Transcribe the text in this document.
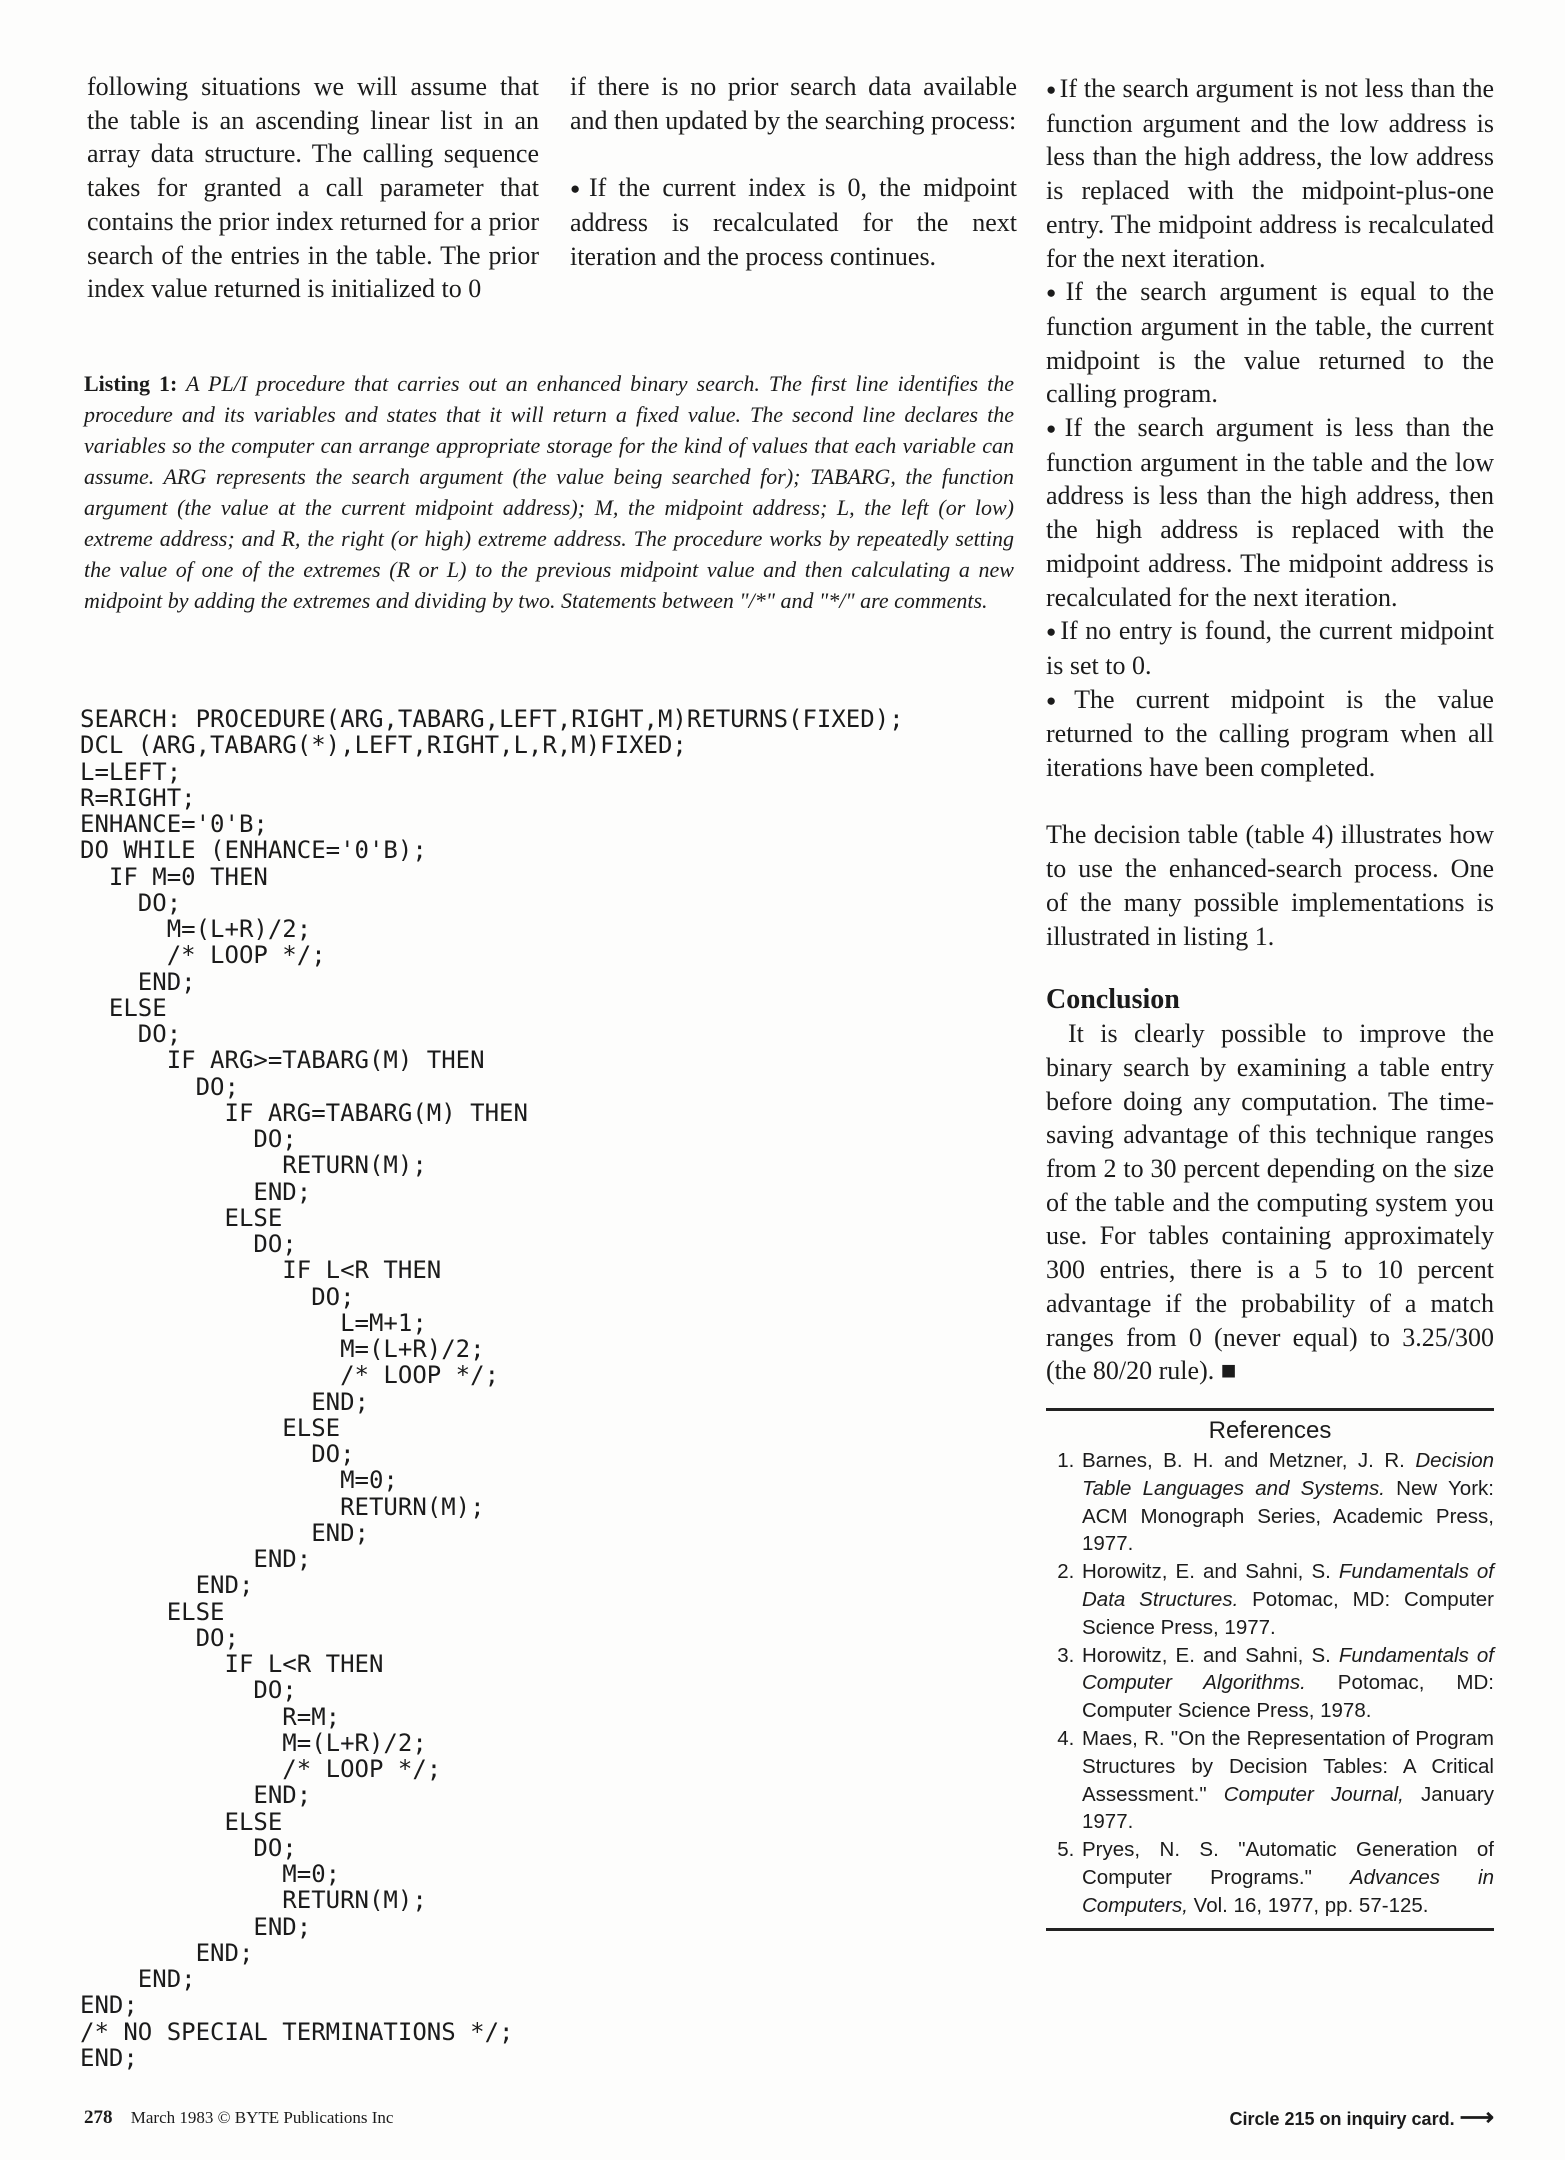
following situations we will assume that the table is an ascending linear list in an array data structure. The calling sequence takes for granted a call parameter that contains the prior index returned for a prior search of the entries in the table. The prior index value returned is initialized to 0

if there is no prior search data available and then updated by the searching process:

● If the current index is 0, the midpoint address is recalculated for the next iteration and the process continues.

● If the search argument is not less than the function argument and the low address is less than the high address, the low address is replaced with the midpoint-plus-one entry. The midpoint address is recalculated for the next iteration.

● If the search argument is equal to the function argument in the table, the current midpoint is the value returned to the calling program.

● If the search argument is less than the function argument in the table and the low address is less than the high address, then the high address is replaced with the midpoint address. The midpoint address is recalculated for the next iteration.

● If no entry is found, the current midpoint is set to 0.

● The current midpoint is the value returned to the calling program when all iterations have been completed.

The decision table (table 4) illustrates how to use the enhanced-search process. One of the many possible implementations is illustrated in listing 1.

Conclusion

It is clearly possible to improve the binary search by examining a table entry before doing any computation. The time-saving advantage of this technique ranges from 2 to 30 percent depending on the size of the table and the computing system you use. For tables containing approximately 300 entries, there is a 5 to 10 percent advantage if the probability of a match ranges from 0 (never equal) to 3.25/300 (the 80/20 rule). ■

References
1. Barnes, B. H. and Metzner, J. R. Decision Table Languages and Systems. New York: ACM Monograph Series, Academic Press, 1977.
2. Horowitz, E. and Sahni, S. Fundamentals of Data Structures. Potomac, MD: Computer Science Press, 1977.
3. Horowitz, E. and Sahni, S. Fundamentals of Computer Algorithms. Potomac, MD: Computer Science Press, 1978.
4. Maes, R. "On the Representation of Program Structures by Decision Tables: A Critical Assessment." Computer Journal, January 1977.
5. Pryes, N. S. "Automatic Generation of Computer Programs." Advances in Computers, Vol. 16, 1977, pp. 57-125.
Listing 1: A PL/I procedure that carries out an enhanced binary search. The first line identifies the procedure and its variables and states that it will return a fixed value. The second line declares the variables so the computer can arrange appropriate storage for the kind of values that each variable can assume. ARG represents the search argument (the value being searched for); TABARG, the function argument (the value at the current midpoint address); M, the midpoint address; L, the left (or low) extreme address; and R, the right (or high) extreme address. The procedure works by repeatedly setting the value of one of the extremes (R or L) to the previous midpoint value and then calculating a new midpoint by adding the extremes and dividing by two. Statements between "/*" and "*/" are comments.
SEARCH: PROCEDURE(ARG,TABARG,LEFT,RIGHT,M)RETURNS(FIXED);
DCL (ARG,TABARG(*),LEFT,RIGHT,L,R,M)FIXED;
L=LEFT;
R=RIGHT;
ENHANCE='0'B;
DO WHILE (ENHANCE='0'B);
IF M=0 THEN
DO;
M=(L+R)/2;
/* LOOP */;
END;
ELSE
DO;
IF ARG>=TABARG(M) THEN
DO;
IF ARG=TABARG(M) THEN
DO;
RETURN(M);
END;
ELSE
DO;
IF L<R THEN
DO;
L=M+1;
M=(L+R)/2;
/* LOOP */;
END;
ELSE
DO;
M=0;
RETURN(M);
END;
END;
END;
ELSE
DO;
IF L<R THEN
DO;
R=M;
M=(L+R)/2;
/* LOOP */;
END;
ELSE
DO;
M=0;
RETURN(M);
END;
END;
END;
END;
/* NO SPECIAL TERMINATIONS */;
END;
278 March 1983 © BYTE Publications Inc	Circle 215 on inquiry card. ⟶
